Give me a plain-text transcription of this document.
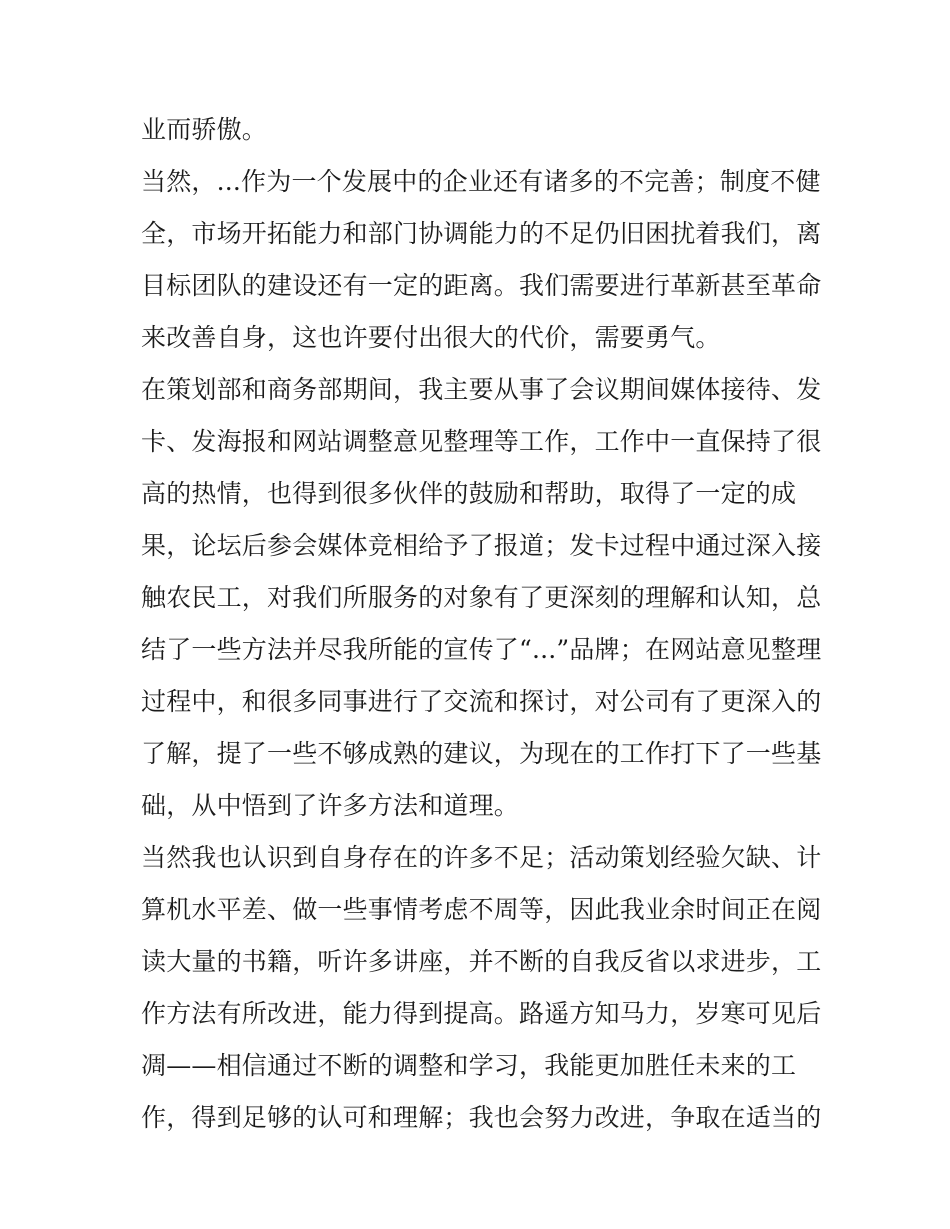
业而骄傲。
当然，...作为一个发展中的企业还有诸多的不完善；制度不健
全，市场开拓能力和部门协调能力的不足仍旧困扰着我们，离
目标团队的建设还有一定的距离。我们需要进行革新甚至革命
来改善自身，这也许要付出很大的代价，需要勇气。
在策划部和商务部期间，我主要从事了会议期间媒体接待、发
卡、发海报和网站调整意见整理等工作，工作中一直保持了很
高的热情，也得到很多伙伴的鼓励和帮助，取得了一定的成
果，论坛后参会媒体竞相给予了报道；发卡过程中通过深入接
触农民工，对我们所服务的对象有了更深刻的理解和认知，总
结了一些方法并尽我所能的宣传了“...”品牌；在网站意见整理
过程中，和很多同事进行了交流和探讨，对公司有了更深入的
了解，提了一些不够成熟的建议，为现在的工作打下了一些基
础，从中悟到了许多方法和道理。
当然我也认识到自身存在的许多不足；活动策划经验欠缺、计
算机水平差、做一些事情考虑不周等，因此我业余时间正在阅
读大量的书籍，听许多讲座，并不断的自我反省以求进步，工
作方法有所改进，能力得到提高。路遥方知马力，岁寒可见后
凋——相信通过不断的调整和学习，我能更加胜任未来的工
作，得到足够的认可和理解；我也会努力改进，争取在适当的
